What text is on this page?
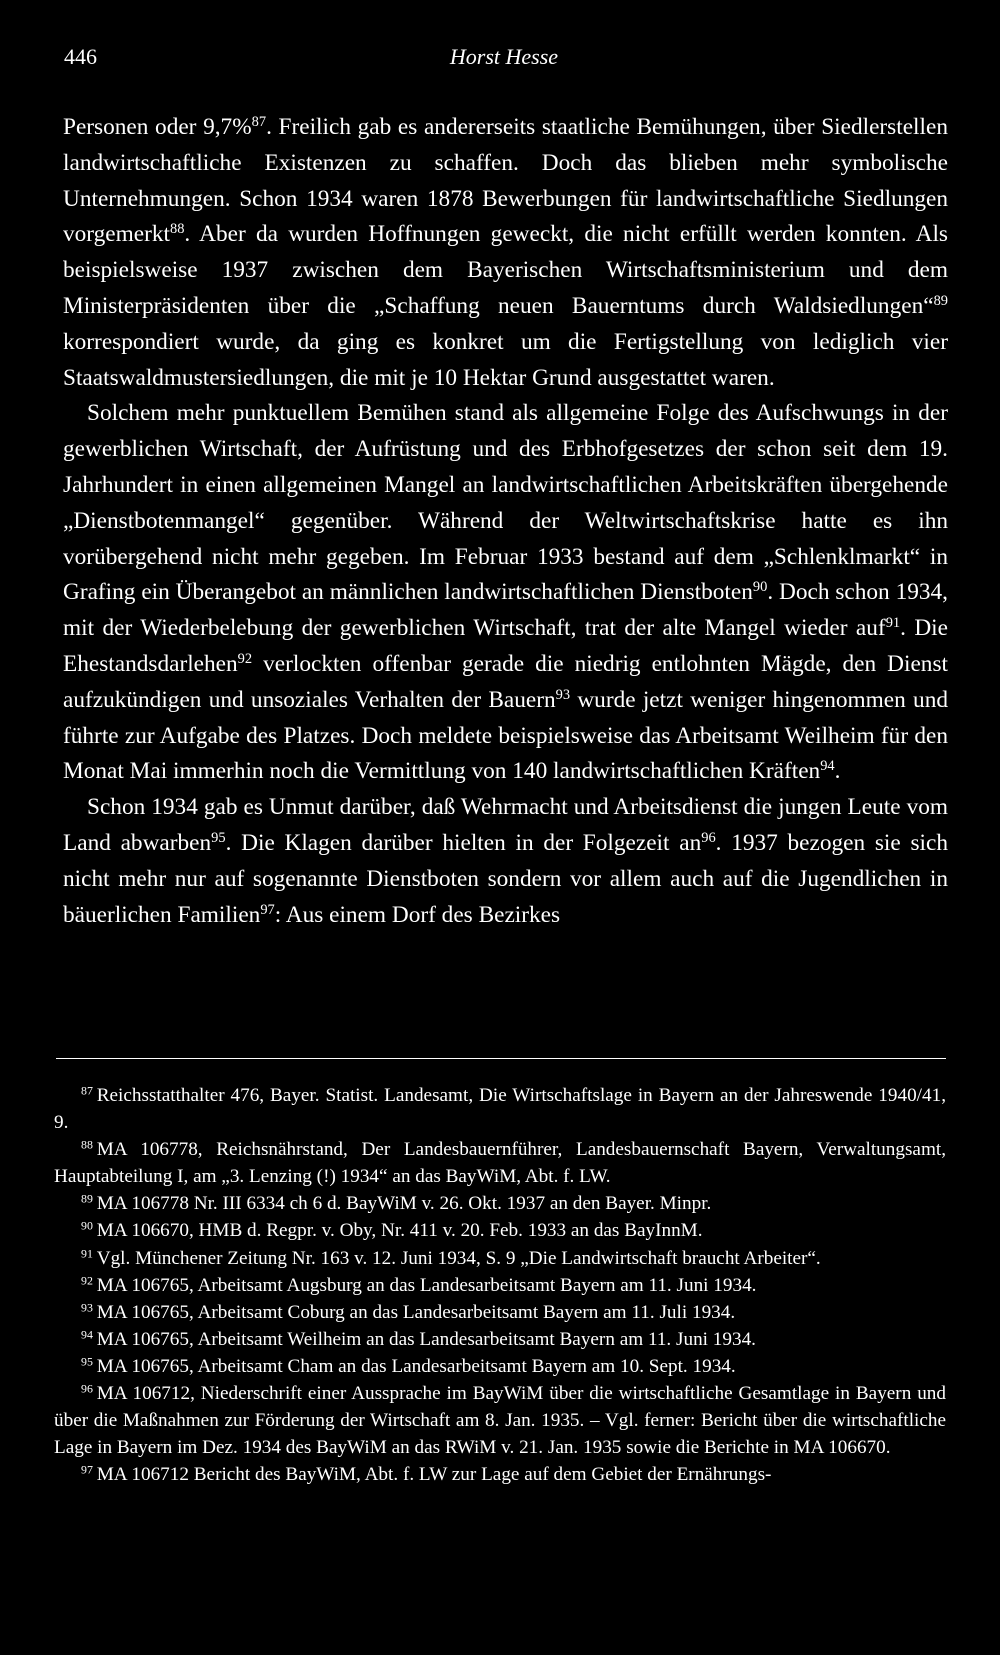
446	Horst Hesse

Personen oder 9,7%$^{87}$. Freilich gab es andererseits staatliche Bemühungen, über Siedlerstellen landwirtschaftliche Existenzen zu schaffen. Doch das blieben mehr symbolische Unternehmungen. Schon 1934 waren 1878 Bewerbungen für landwirtschaftliche Siedlungen vorgemerkt$^{88}$. Aber da wurden Hoffnungen geweckt, die nicht erfüllt werden konnten. Als beispielsweise 1937 zwischen dem Bayerischen Wirtschaftsministerium und dem Ministerpräsidenten über die „Schaffung neuen Bauerntums durch Waldsiedlungen“$^{89}$ korrespondiert wurde, da ging es konkret um die Fertigstellung von lediglich vier Staatswaldmustersiedlungen, die mit je 10 Hektar Grund ausgestattet waren.

Solchem mehr punktuellem Bemühen stand als allgemeine Folge des Aufschwungs in der gewerblichen Wirtschaft, der Aufrüstung und des Erbhofgesetzes der schon seit dem 19. Jahrhundert in einen allgemeinen Mangel an landwirtschaftlichen Arbeitskräften übergehende „Dienstbotenmangel“ gegenüber. Während der Weltwirtschaftskrise hatte es ihn vorübergehend nicht mehr gegeben. Im Februar 1933 bestand auf dem „Schlenklmarkt“ in Grafing ein Überangebot an männlichen landwirtschaftlichen Dienstboten$^{90}$. Doch schon 1934, mit der Wiederbelebung der gewerblichen Wirtschaft, trat der alte Mangel wieder auf$^{91}$. Die Ehestandsdarlehen$^{92}$ verlockten offenbar gerade die niedrig entlohnten Mägde, den Dienst aufzukündigen und unsoziales Verhalten der Bauern$^{93}$ wurde jetzt weniger hingenommen und führte zur Aufgabe des Platzes. Doch meldete beispielsweise das Arbeitsamt Weilheim für den Monat Mai immerhin noch die Vermittlung von 140 landwirtschaftlichen Kräften$^{94}$.

Schon 1934 gab es Unmut darüber, daß Wehrmacht und Arbeitsdienst die jungen Leute vom Land abwarben$^{95}$. Die Klagen darüber hielten in der Folgezeit $an^{96}$. 1937 bezogen sie sich nicht mehr nur auf sogenannte Dienstboten sondern vor allem auch auf die Jugendlichen in bäuerlichen Familien$^{97}$: Aus einem Dorf des Bezirkes

$^{87}$  Reichsstatthalter 476, Bayer. Statist. Landesamt, Die Wirtschaftslage in Bayern an der Jahreswende 1940/41, 9.

$^{88}$  MA 106778, Reichsnährstand, Der Landesbauernführer, Landesbauernschaft Bayern, Verwaltungsamt, Hauptabteilung I, am „3. Lenzing (!) 1934“ an das BayWiM, Abt. f. LW.

$^{89}$  MA 106778 Nr. III 6334 ch 6 d. BayWiM v. 26. Okt. 1937 an den Bayer. Minpr.

$^{90}$  MA 106670, HMB d. Regpr. v. Oby, Nr. 411 v. 20. Feb. 1933 an das BayInnM.

$^{91}$  Vgl. Münchener Zeitung Nr. 163 v. 12. Juni 1934, S. 9 „Die Landwirtschaft braucht Arbeiter“.

$^{92}$  MA 106765, Arbeitsamt Augsburg an das Landesarbeitsamt Bayern am 11. Juni 1934.

$^{93}$  MA 106765, Arbeitsamt Coburg an das Landesarbeitsamt Bayern am 11. Juli 1934.

$^{94}$  MA 106765, Arbeitsamt Weilheim an das Landesarbeitsamt Bayern am 11. Juni 1934.

$^{95}$  MA 106765, Arbeitsamt Cham an das Landesarbeitsamt Bayern am 10. Sept. 1934.

$^{96}$  MA 106712, Niederschrift einer Aussprache im BayWiM über die wirtschaftliche Gesamtlage in Bayern und über die Maßnahmen zur Förderung der Wirtschaft am 8. Jan. 1935. – Vgl. ferner: Bericht über die wirtschaftliche Lage in Bayern im Dez. 1934 des BayWiM an das RWiM v. 21. Jan. 1935 sowie die Berichte in MA 106670.

$^{97}$  MA 106712 Bericht des BayWiM, Abt. f. LW zur Lage auf dem Gebiet der Ernährungs-
